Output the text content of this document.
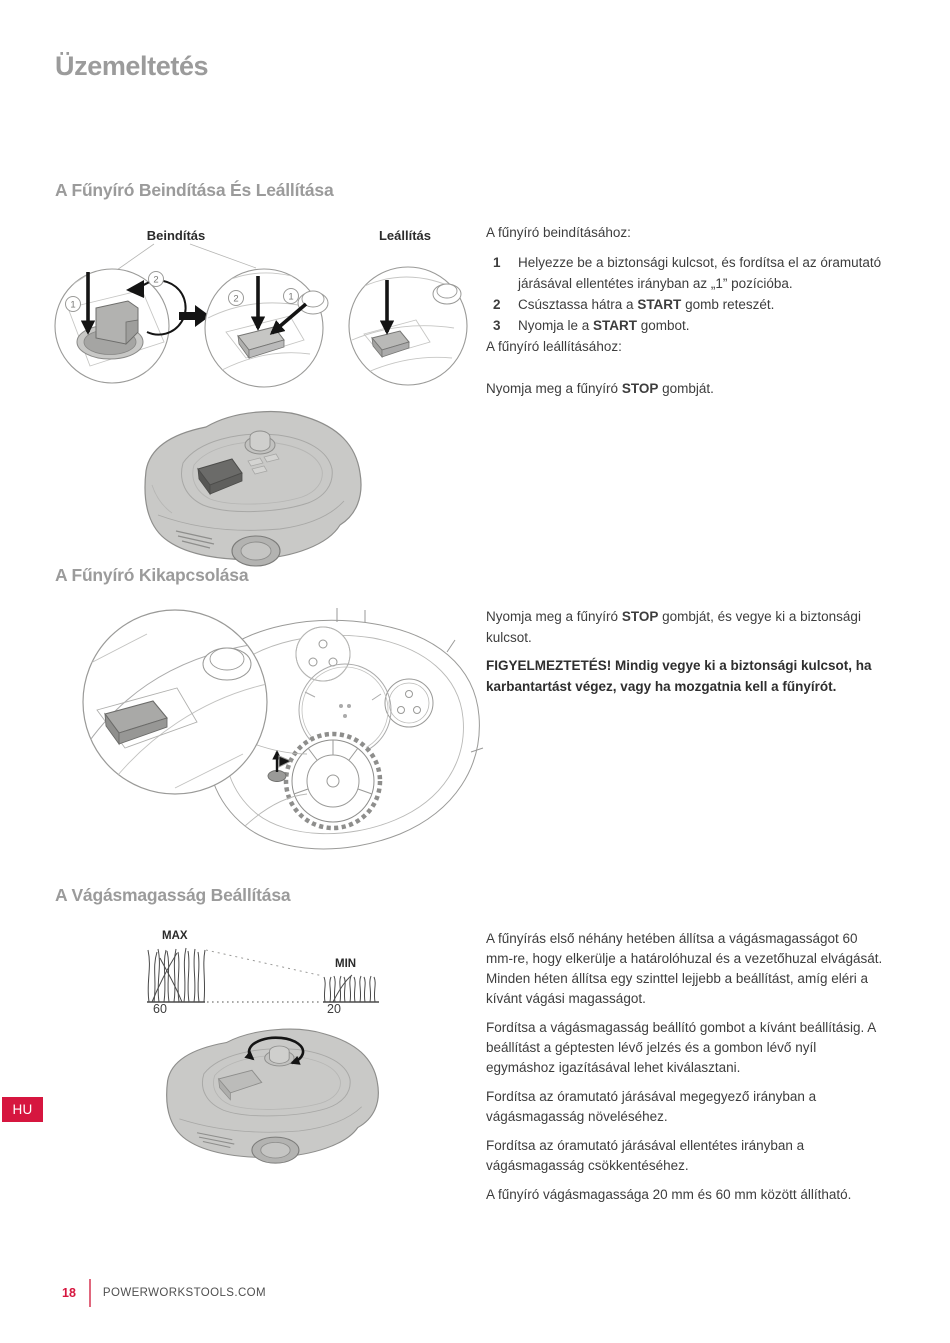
Üzemeltetés
A Fűnyíró Beindítása És Leállítása
Beindítás	Leállítás
1
2
2	1

A fűnyíró beindításához:

1	Helyezze be a biztonsági kulcsot, és fordítsa el az óramutató járásával ellentétes irányban az „1” pozícióba.
2	Csúsztassa hátra a START gomb reteszét.
3	Nyomja le a START gombot.

A fűnyíró leállításához:

Nyomja meg a fűnyíró STOP gombját.

A Fűnyíró Kikapcsolása

Nyomja meg a fűnyíró STOP gombját, és vegye ki a biztonsági kulcsot.

FIGYELMEZTETÉS! Mindig vegye ki a biztonsági kulcsot, ha karbantartást végez, vagy ha mozgatnia kell a fűnyírót.

A Vágásmagasság Beállítása
MAX
MIN
60	20

A fűnyírás első néhány hetében állítsa a vágásmagasságot 60 mm-re, hogy elkerülje a határolóhuzal és a vezetőhuzal elvágását. Minden héten állítsa egy szinttel lejjebb a beállítást, amíg eléri a kívánt vágási magasságot.

Fordítsa a vágásmagasság beállító gombot a kívánt beállításig. A beállítást a géptesten lévő jelzés és a gombon lévő nyíl egymáshoz igazításával lehet kiválasztani.

Fordítsa az óramutató járásával megegyező irányban a vágásmagasság növeléséhez.

Fordítsa az óramutató járásával ellentétes irányban a vágásmagasság csökkentéséhez.

A fűnyíró vágásmagassága 20 mm és 60 mm között állítható.

HU
18 POWERWORKSTOOLS.COM
